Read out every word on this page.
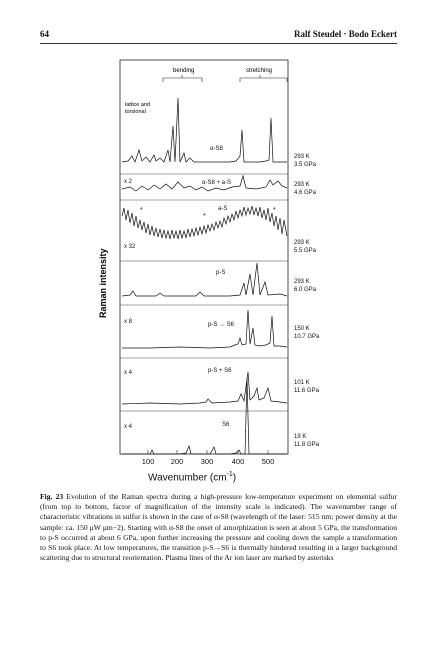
64	Ralf Steudel · Bodo Eckert
bending	stretching
lattice and torsional
*
*
*
α-S8
α-S8 + a-S
a-S
p-S
p-S → S6
p-S + S6
S6
x 2
x 32
x 8
x 4
x 4
293 K
3.5 GPa
293 K
4.6 GPa
293 K
5.5 GPa
293 K
6.0 GPa
150 K
10.7 GPa
101 K
11.6 GPa
19 K
11.8 GPa
Raman intensity
100 200 300 400 500
Wavenumber $(cm^{-1})$
Fig. 23 Evolution of the Raman spectra during a high-pressure low-temperature experiment on elemental sulfur (from top to bottom, factor of magnification of the intensity scale is indicated). The wavenumber range of characteristic vibrations in sulfur is shown in the case of α-S8 (wavelength of the laser: 515 nm; power density at the sample: ca. 150 μW μm−2). Starting with α-S8 the onset of amorphization is seen at about 5 GPa, the transformation to p-S occurred at about 6 GPa, upon further increasing the pressure and cooling down the sample a transformation to S6 took place. At low temperatures, the transition p-S→S6 is thermally hindered resulting in a larger background scattering due to structural reorientation. Plasma lines of the Ar ion laser are marked by asterisks
